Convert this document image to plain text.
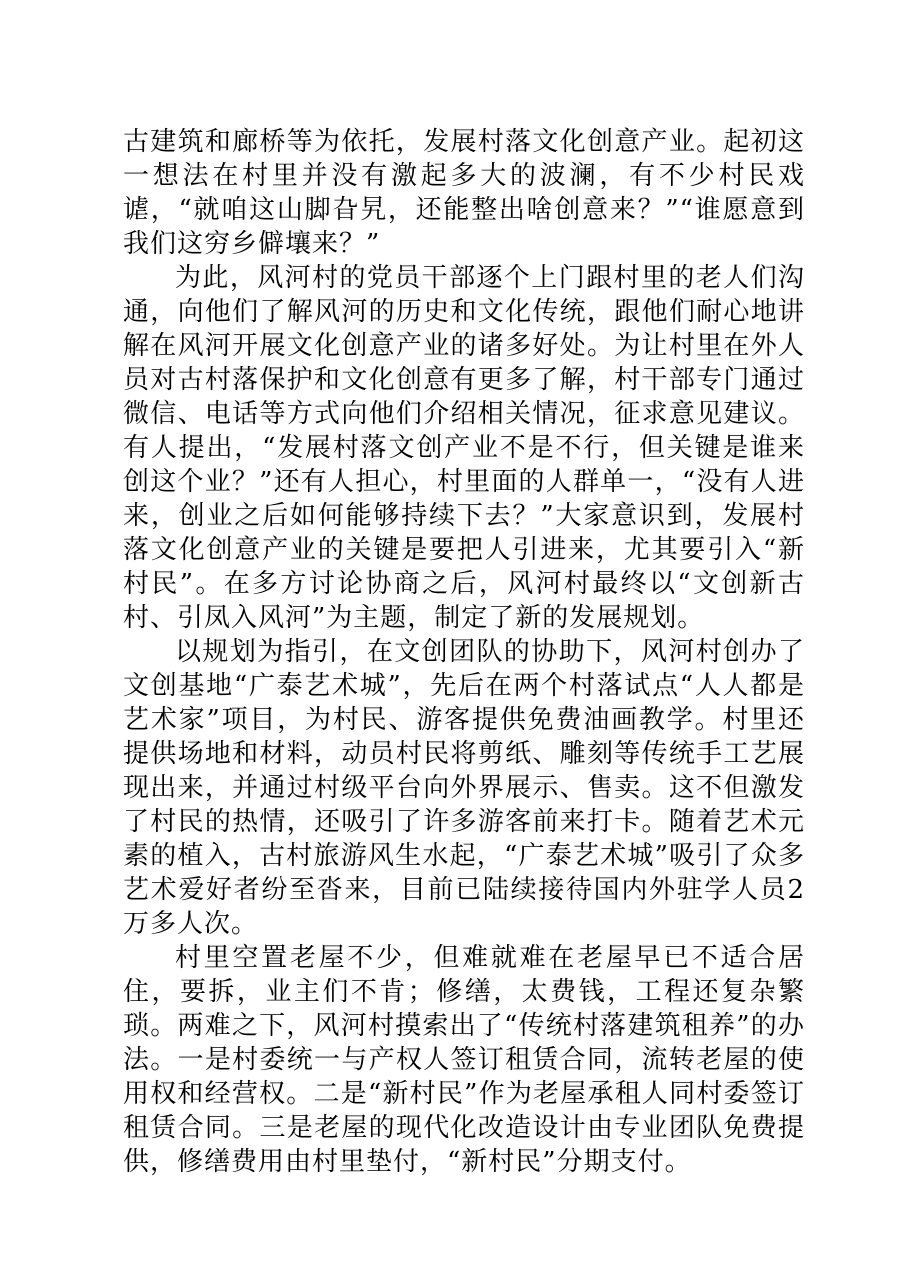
古建筑和廊桥等为依托，发展村落文化创意产业。起初这一想法在村里并没有激起多大的波澜，有不少村民戏谑，“就咱这山脚旮旯，还能整出啥创意来？”“谁愿意到我们这穷乡僻壤来？”

为此，风河村的党员干部逐个上门跟村里的老人们沟通，向他们了解风河的历史和文化传统，跟他们耐心地讲解在风河开展文化创意产业的诸多好处。为让村里在外人员对古村落保护和文化创意有更多了解，村干部专门通过微信、电话等方式向他们介绍相关情况，征求意见建议。有人提出，“发展村落文创产业不是不行，但关键是谁来创这个业？”还有人担心，村里面的人群单一，“没有人进来，创业之后如何能够持续下去？”大家意识到，发展村落文化创意产业的关键是要把人引进来，尤其要引入“新村民”。在多方讨论协商之后，风河村最终以“文创新古村、引凤入风河”为主题，制定了新的发展规划。

以规划为指引，在文创团队的协助下，风河村创办了文创基地“广泰艺术城”，先后在两个村落试点“人人都是艺术家”项目，为村民、游客提供免费油画教学。村里还提供场地和材料，动员村民将剪纸、雕刻等传统手工艺展现出来，并通过村级平台向外界展示、售卖。这不但激发了村民的热情，还吸引了许多游客前来打卡。随着艺术元素的植入，古村旅游风生水起，“广泰艺术城”吸引了众多艺术爱好者纷至沓来，目前已陆续接待国内外驻学人员2万多人次。

村里空置老屋不少，但难就难在老屋早已不适合居住，要拆，业主们不肯；修缮，太费钱，工程还复杂繁琐。两难之下，风河村摸索出了“传统村落建筑租养”的办法。一是村委统一与产权人签订租赁合同，流转老屋的使用权和经营权。二是“新村民”作为老屋承租人同村委签订租赁合同。三是老屋的现代化改造设计由专业团队免费提供，修缮费用由村里垫付，“新村民”分期支付。
